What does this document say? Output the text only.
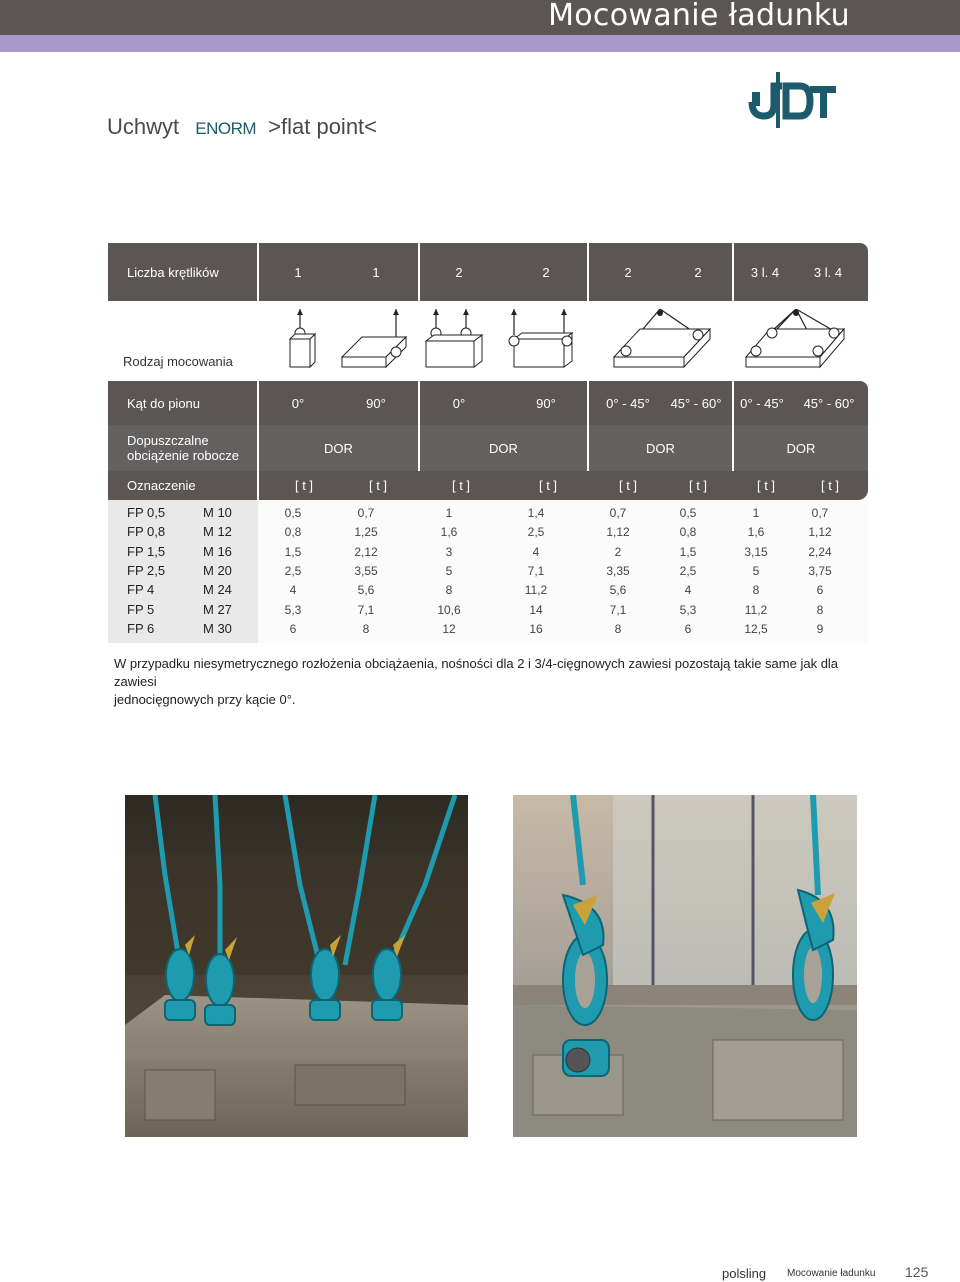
Mocowanie ładunku
Uchwyt ENORM >flat point<
Liczba krętlików	1	1	2	2	2	2	3 l. 4	3 l. 4
Rodzaj mocowania
Kąt do pionu	0°	90°	0°	90°	0° - 45°	45° - 60°	0° - 45°	45° - 60°
Dopuszczalne
obciążenie robocze	DOR	DOR	DOR	DOR
Oznaczenie	[ t ]	[ t ]	[ t ]	[ t ]	[ t ]	[ t ]	[ t ]	[ t ]
FP 0,5	M 10	0,5	0,7	1	1,4	0,7	0,5	1	0,7
FP 0,8	M 12	0,8	1,25	1,6	2,5	1,12	0,8	1,6	1,12
FP 1,5	M 16	1,5	2,12	3	4	2	1,5	3,15	2,24
FP 2,5	M 20	2,5	3,55	5	7,1	3,35	2,5	5	3,75
FP 4	M 24	4	5,6	8	11,2	5,6	4	8	6
FP 5	M 27	5,3	7,1	10,6	14	7,1	5,3	11,2	8
FP 6	M 30	6	8	12	16	8	6	12,5	9
W przypadku niesymetrycznego rozłożenia obciążaenia, nośności dla 2 i 3/4-cięgnowych zawiesi pozostają takie same jak dla zawiesi
jednocięgnowych przy kącie 0°.
polsling Mocowanie ładunku 125
